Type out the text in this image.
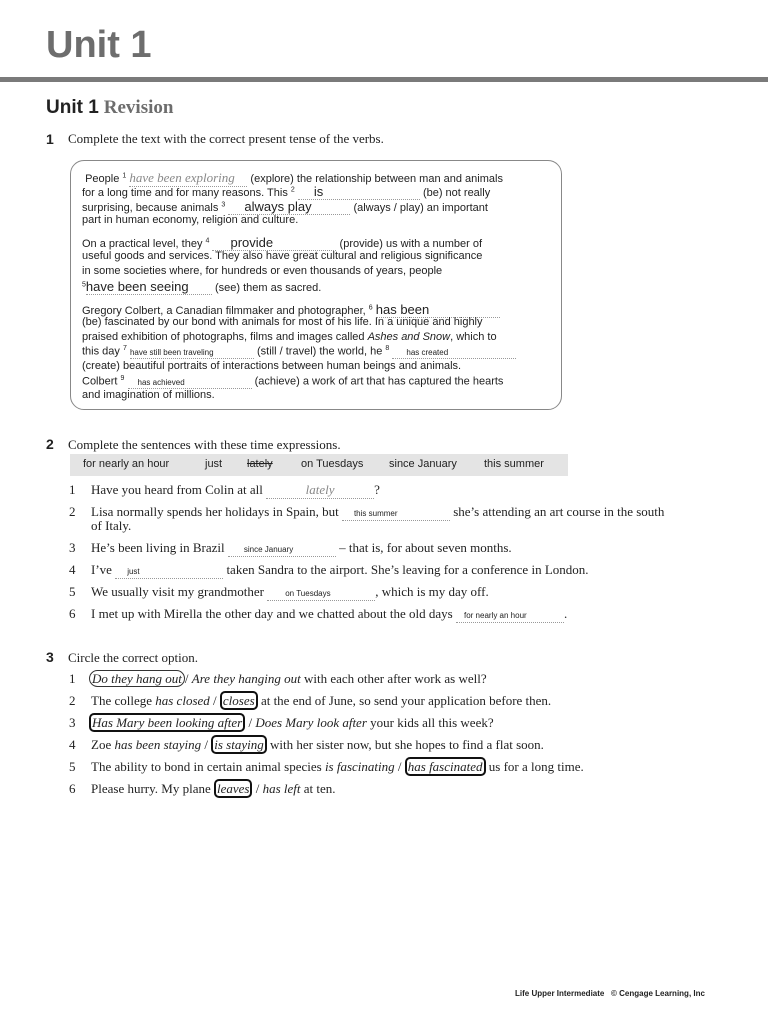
Unit 1
Unit 1 Revision
1 Complete the text with the correct present tense of the verbs.
People $^1$ have been exploring (explore) the relationship between man and animals
for a long time and for many reasons. This $^2$ is	(be) not really
surprising, because animals $^3$ always play	(always / play) an important
part in human economy, religion and culture.
On a practical level, they $^4$ provide	(provide) us with a number of
useful goods and services. They also have great cultural and religious significance
in some societies where, for hundreds or even thousands of years, people
$^5$have been seeing (see) them as sacred.
Gregory Colbert, a Canadian filmmaker and photographer, $^6$ has been
(be) fascinated by our bond with animals for most of his life. In a unique and highly
praised exhibition of photographs, films and images called Ashes and Snow, which to
this day $^7$ have still been traveling	(still / travel) the world, he $^8$ has created
(create) beautiful portraits of interactions between human beings and animals.
Colbert $^9$ has achieved	(achieve) a work of art that has captured the hearts
and imagination of millions.
2 Complete the sentences with these time expressions.
for nearly an hour	just lately	on Tuesdays since January this summer
1 Have you heard from Colin at all	lately	?
2 Lisa normally spends her holidays in Spain, but this summer	she’s attending an art course in the south
of Italy.
3 He’s been living in Brazil since January	– that is, for about seven months.
4 I’ve just	taken Sandra to the airport. She’s leaving for a conference in London.
5 We usually visit my grandmother	on Tuesdays	, which is my day off.
6 I met up with Mirella the other day and we chatted about the old days for nearly an hour	.
3 Circle the correct option.
1 Do they hang out / Are they hanging out with each other after work as well?
2 The college has closed / closes at the end of June, so send your application before then.
3 Has Mary been looking after / Does Mary look after your kids all this week?
4 Zoe has been staying / is staying with her sister now, but she hopes to find a flat soon.
5 The ability to bond in certain animal species is fascinating / has fascinated us for a long time.
6 Please hurry. My plane leaves / has left at ten.
Life Upper Intermediate © Cengage Learning, Inc
